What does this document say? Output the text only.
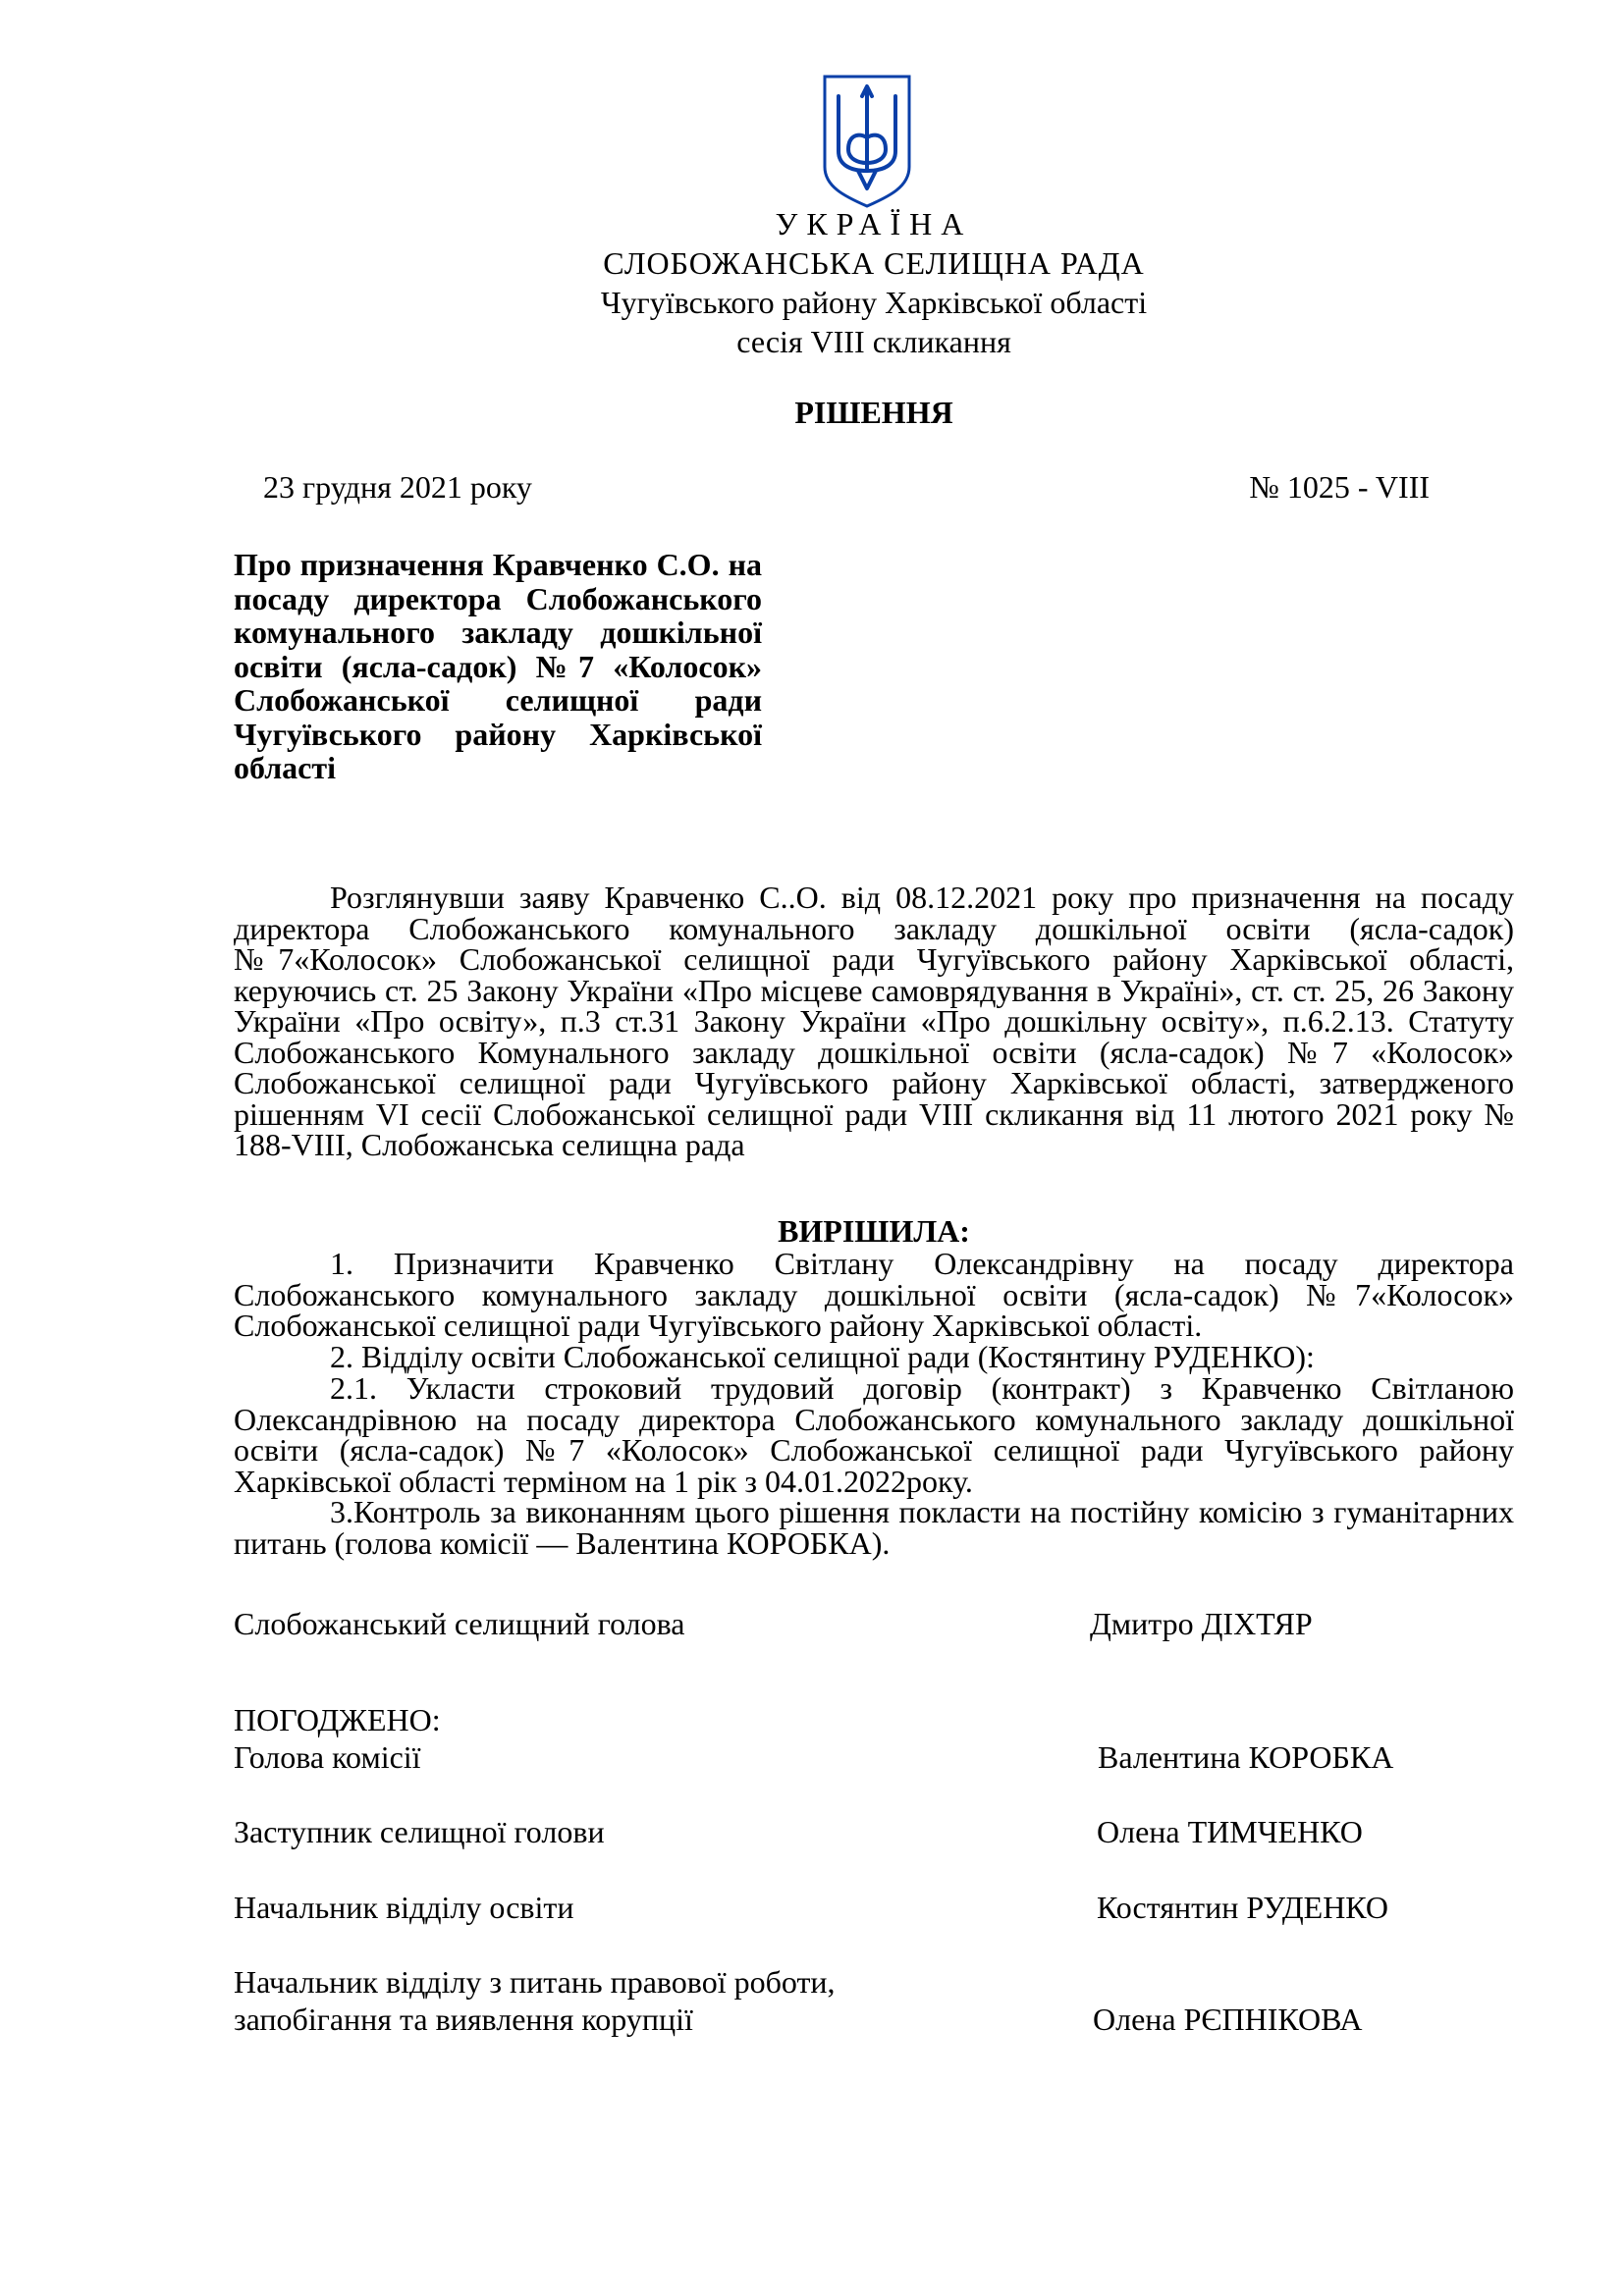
УКРАЇНА
СЛОБОЖАНСЬКА СЕЛИЩНА РАДА
Чугуївського району Харківської області
сесія VIII скликання
РІШЕННЯ
23 грудня 2021 року	№ 1025 - VIII
Про призначення Кравченко С.О. на посаду директора Слобожанського комунального закладу дошкільної освіти (ясла-садок) №7 «Колосок» Слобожанської селищної ради Чугуївського району Харківської області

Розглянувши заяву Кравченко С..О. від 08.12.2021 року про призначення на посаду директора Слобожанського комунального закладу дошкільної освіти (ясла-садок) №7«Колосок» Слобожанської селищної ради Чугуївського району Харківської області, керуючись ст. 25 Закону України «Про місцеве самоврядування в Україні», ст. ст. 25, 26 Закону України «Про освіту», п.3 ст.31 Закону України «Про дошкільну освіту», п.6.2.13. Статуту Слобожанського Комунального закладу дошкільної освіти (ясла-садок) №7 «Колосок» Слобожанської селищної ради Чугуївського району Харківської області, затвердженого рішенням VI сесії Слобожанської селищної ради VIII скликання від 11 лютого 2021 року № 188-VIII, Слобожанська селищна рада

ВИРІШИЛА:

1. Призначити Кравченко Світлану Олександрівну на посаду директора Слобожанського комунального закладу дошкільної освіти (ясла-садок) №7«Колосок» Слобожанської селищної ради Чугуївського району Харківської області.

2. Відділу освіти Слобожанської селищної ради (Костянтину РУДЕНКО):

2.1. Укласти строковий трудовий договір (контракт) з Кравченко Світланою Олександрівною на посаду директора Слобожанського комунального закладу дошкільної освіти (ясла-садок) №7 «Колосок» Слобожанської селищної ради Чугуївського району Харківської області терміном на 1 рік з 04.01.2022року.

3.Контроль за виконанням цього рішення покласти на постійну комісію з гуманітарних питань (голова комісії — Валентина КОРОБКА).

Слобожанський селищний голова	Дмитро ДІХТЯР
ПОГОДЖЕНО:
Голова комісії	Валентина КОРОБКА
Заступник селищної голови	Олена ТИМЧЕНКО
Начальник відділу освіти	Костянтин РУДЕНКО
Начальник відділу з питань правової роботи,
запобігання та виявлення корупції	Олена РЄПНІКОВА
